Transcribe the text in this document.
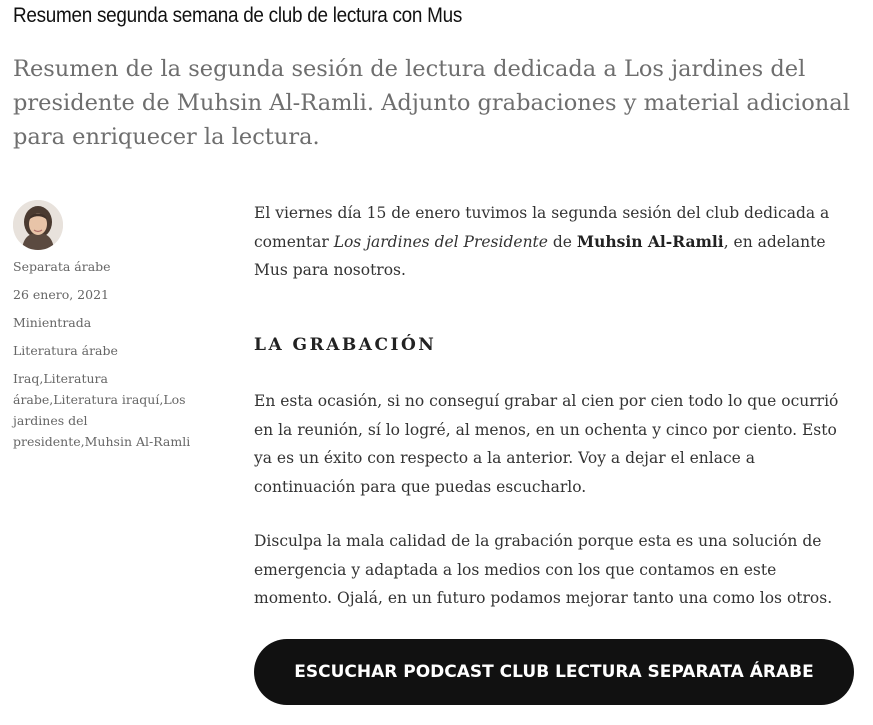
Resumen segunda semana de club de lectura con Mus

Resumen de la segunda sesión de lectura dedicada a Los jardines del presidente de Muhsin Al-Ramli. Adjunto grabaciones y material adicional para enriquecer la lectura.

Separata árabe
26 enero, 2021
Minientrada
Literatura árabe
Iraq,Literatura árabe,Literatura iraquí,Los jardines del presidente,Muhsin Al-Ramli

El viernes día 15 de enero tuvimos la segunda sesión del club dedicada a comentar Los jardines del Presidente de Muhsin Al-Ramli, en adelante Mus para nosotros.

LA GRABACIÓN

En esta ocasión, si no conseguí grabar al cien por cien todo lo que ocurrió en la reunión, sí lo logré, al menos, en un ochenta y cinco por ciento. Esto ya es un éxito con respecto a la anterior. Voy a dejar el enlace a continuación para que puedas escucharlo.

Disculpa la mala calidad de la grabación porque esta es una solución de emergencia y adaptada a los medios con los que contamos en este momento. Ojalá, en un futuro podamos mejorar tanto una como los otros.

ESCUCHAR PODCAST CLUB LECTURA SEPARATA ÁRABE
